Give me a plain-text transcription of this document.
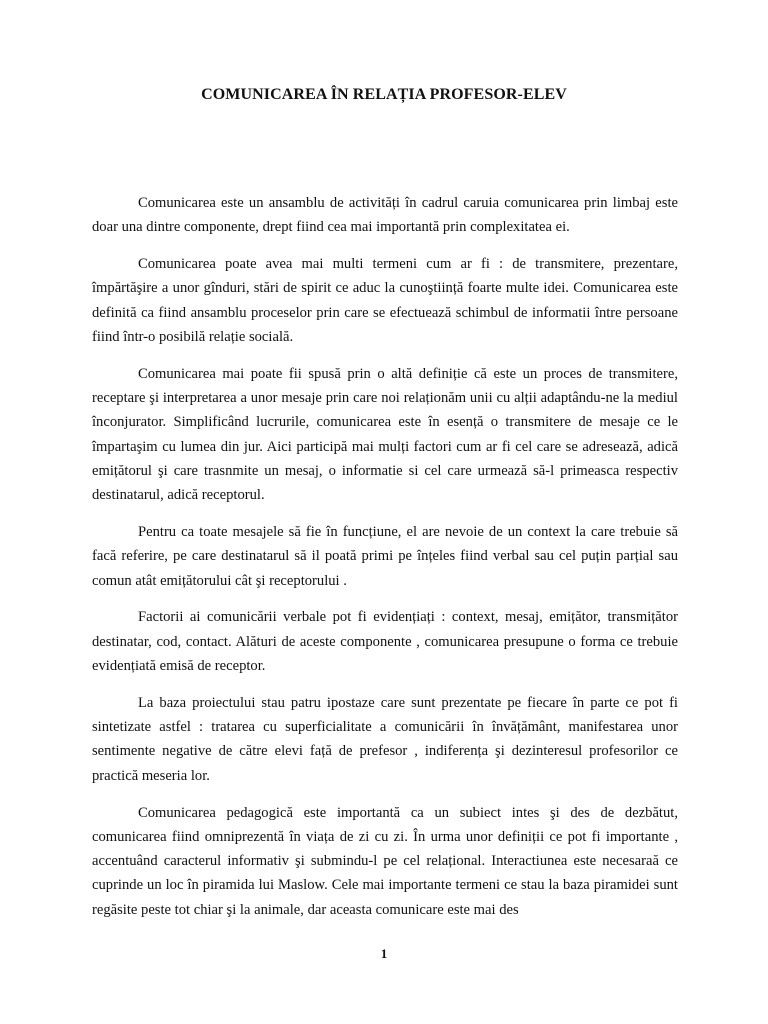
COMUNICAREA ÎN RELAȚIA PROFESOR-ELEV

Comunicarea este un ansamblu de activități în cadrul caruia comunicarea prin limbaj este doar una dintre componente, drept fiind cea mai importantă prin complexitatea ei.

Comunicarea poate avea mai multi termeni cum ar fi : de transmitere, prezentare, împărtăşire a unor gînduri, stări de spirit ce aduc la cunoştiință foarte multe idei. Comunicarea este definită ca fiind ansamblu proceselor prin care se efectuează schimbul de informatii între persoane fiind într-o posibilă relație socială.

Comunicarea mai poate fii spusă prin o altă definiție că este un proces de transmitere, receptare şi interpretarea a unor mesaje prin care noi relaționăm unii cu alții adaptându-ne la mediul înconjurator. Simplificând lucrurile, comunicarea este în esență o transmitere de mesaje ce le împartaşim cu lumea din jur. Aici participă mai mulți factori cum ar fi cel care se adresează, adică emițătorul şi care trasnmite un mesaj, o informatie si cel care urmează să-l primeasca respectiv destinatarul, adică receptorul.

Pentru ca toate mesajele să fie în funcțiune, el are nevoie de un context la care trebuie să facă referire, pe care destinatarul să il poată primi pe înțeles fiind verbal sau cel puțin parțial sau comun atât emițătorului cât şi receptorului .

Factorii ai comunicării verbale pot fi evidențiați : context, mesaj, emițător, transmițător destinatar, cod, contact. Alături de aceste componente , comunicarea presupune o forma ce trebuie evidențiată emisă de receptor.

La baza proiectului stau patru ipostaze care sunt prezentate pe fiecare în parte ce pot fi sintetizate astfel : tratarea cu superficialitate a comunicării în învățământ, manifestarea unor sentimente negative de către elevi față de prefesor , indiferența şi dezinteresul profesorilor ce practică meseria lor.

Comunicarea pedagogică este importantă ca un subiect intes şi des de dezbătut, comunicarea fiind omniprezentă în viața de zi cu zi. În urma unor definiții ce pot fi importante , accentuând caracterul informativ şi submindu-l pe cel relațional. Interactiunea este necesaraă ce cuprinde un loc în piramida lui Maslow. Cele mai importante termeni ce stau la baza piramidei sunt regăsite peste tot chiar şi la animale, dar aceasta comunicare este mai des

1
